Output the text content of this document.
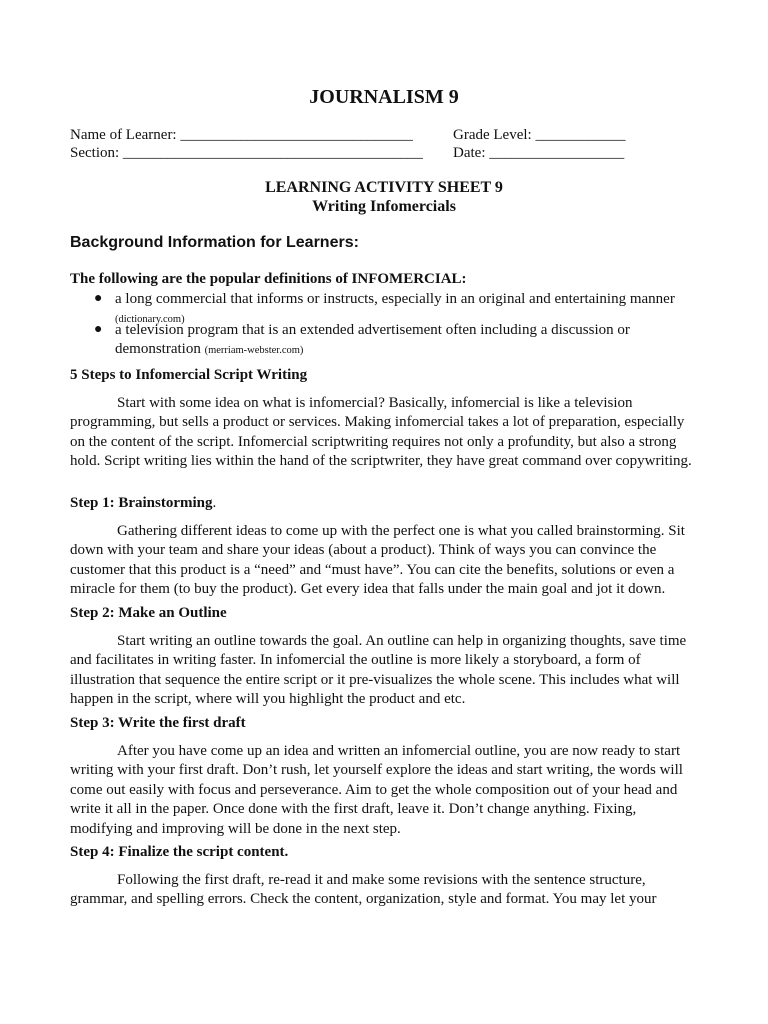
JOURNALISM 9
Name of Learner: _______________________________	Grade Level: ____________
Section: ________________________________________ Date: __________________
LEARNING ACTIVITY SHEET 9
Writing Infomercials
Background Information for Learners:
The following are the popular definitions of INFOMERCIAL:
● a long commercial that informs or instructs, especially in an original and entertaining manner
(dictionary.com)
● a television program that is an extended advertisement often including a discussion or demonstration (merriam-webster.com)
5 Steps to Infomercial Script Writing

Start with some idea on what is infomercial? Basically, infomercial is like a television programming, but sells a product or services. Making infomercial takes a lot of preparation, especially on the content of the script. Infomercial scriptwriting requires not only a profundity, but also a strong hold. Script writing lies within the hand of the scriptwriter, they have great command over copywriting.

Step 1: Brainstorming.

Gathering different ideas to come up with the perfect one is what you called brainstorming. Sit down with your team and share your ideas (about a product). Think of ways you can convince the customer that this product is a “need” and “must have”. You can cite the benefits, solutions or even a miracle for them (to buy the product). Get every idea that falls under the main goal and jot it down.

Step 2: Make an Outline

Start writing an outline towards the goal. An outline can help in organizing thoughts, save time and facilitates in writing faster. In infomercial the outline is more likely a storyboard, a form of illustration that sequence the entire script or it pre-visualizes the whole scene. This includes what will happen in the script, where will you highlight the product and etc.

Step 3: Write the first draft

After you have come up an idea and written an infomercial outline, you are now ready to start writing with your first draft. Don’t rush, let yourself explore the ideas and start writing, the words will come out easily with focus and perseverance. Aim to get the whole composition out of your head and write it all in the paper. Once done with the first draft, leave it. Don’t change anything. Fixing, modifying and improving will be done in the next step.

Step 4: Finalize the script content.

Following the first draft, re-read it and make some revisions with the sentence structure, grammar, and spelling errors. Check the content, organization, style and format. You may let your
